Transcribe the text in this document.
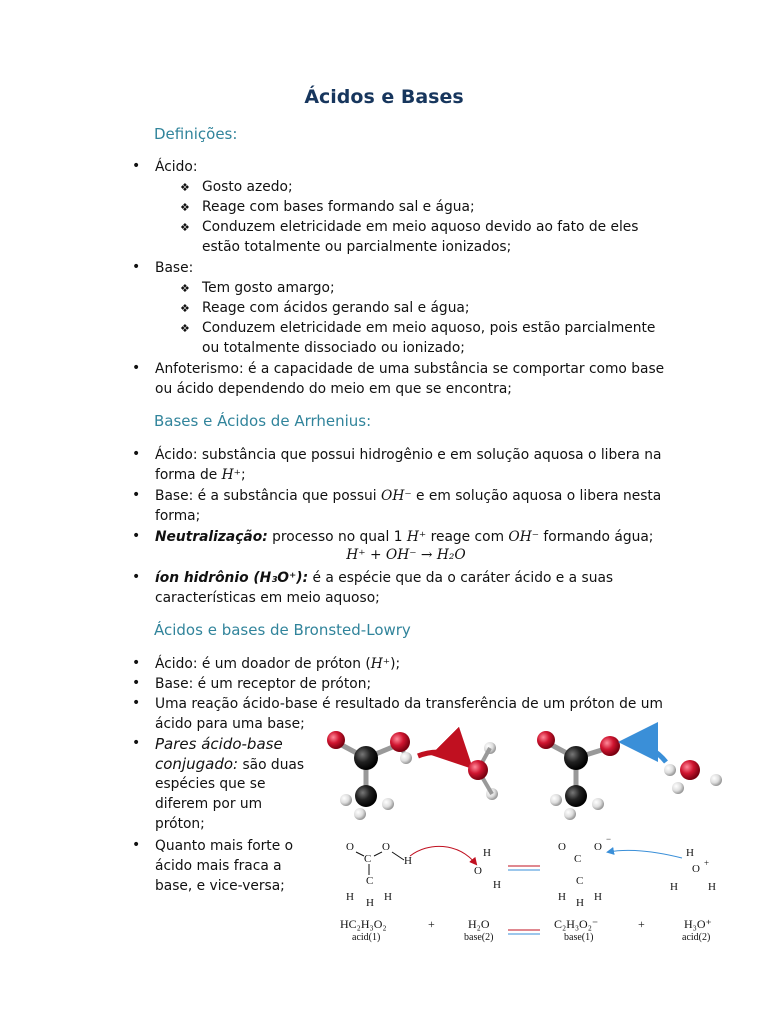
Ácidos e Bases
Definições:
• Ácido:
❖ Gosto azedo;
❖ Reage com bases formando sal e água;
❖ Conduzem eletricidade em meio aquoso devido ao fato de eles
estão totalmente ou parcialmente ionizados;
• Base:
❖ Tem gosto amargo;
❖ Reage com ácidos gerando sal e água;
❖ Conduzem eletricidade em meio aquoso, pois estão parcialmente
ou totalmente dissociado ou ionizado;
• Anfoterismo: é a capacidade de uma substância se comportar como base
ou ácido dependendo do meio em que se encontra;
Bases e Ácidos de Arrhenius:
• Ácido: substância que possui hidrogênio e em solução aquosa o libera na
forma de H⁺;
• Base: é a substância que possui OH⁻ e em solução aquosa o libera nesta
forma;
• Neutralização: processo no qual 1 H⁺ reage com OH⁻ formando água;
H⁺ + OH⁻ → H₂O
• íon hidrônio (H₃O⁺): é a espécie que da o caráter ácido e a suas
características em meio aquoso;
Ácidos e bases de Bronsted-Lowry
• Ácido: é um doador de próton (H⁺);
• Base: é um receptor de próton;
• Uma reação ácido-base é resultado da transferência de um próton de um
ácido para uma base;
• Pares ácido-base
conjugado: são duas
espécies que se
diferem por um
próton;
• Quanto mais forte o
ácido mais fraca a
base, e vice-versa;
O
C
O
H
C
H H H
H
O
H
O
C
O
−
C
H H H
H
O +
H	H
HC₂H₃O₂
acid(1)
+	H₂O
base(2)
C₂H₃O₂⁻
base(1)
+	H₃O⁺
acid(2)
